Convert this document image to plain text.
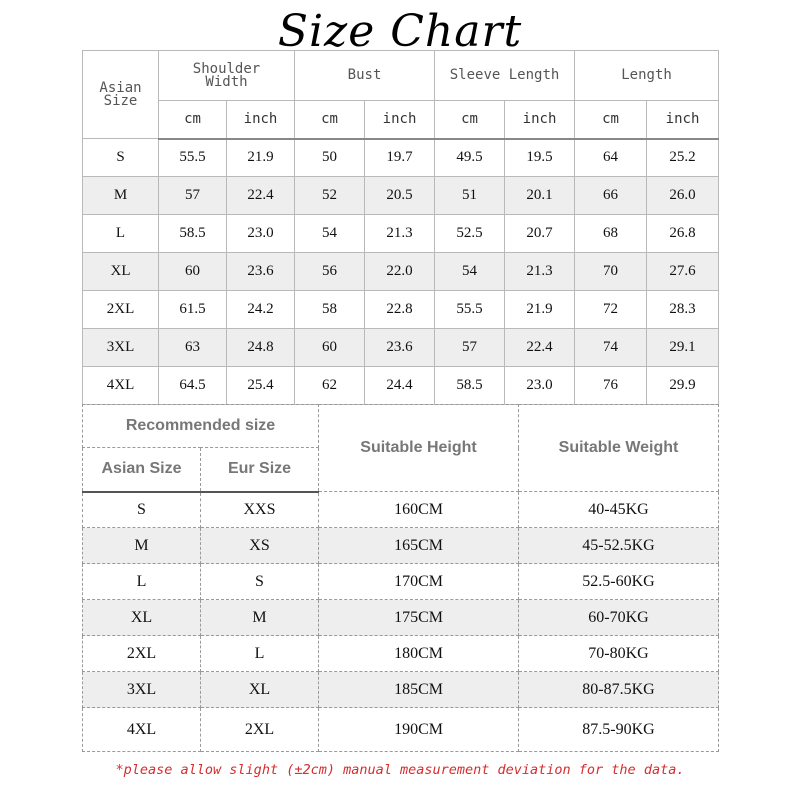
Size Chart
Asian Size	Shoulder Width		Bust		Sleeve Length		Length	
	cm	inch	cm	inch	cm	inch	cm	inch
S	55.5	21.9	50	19.7	49.5	19.5	64	25.2
M	57	22.4	52	20.5	51	20.1	66	26.0
L	58.5	23.0	54	21.3	52.5	20.7	68	26.8
XL	60	23.6	56	22.0	54	21.3	70	27.6
2XL	61.5	24.2	58	22.8	55.5	21.9	72	28.3
3XL	63	24.8	60	23.6	57	22.4	74	29.1
4XL	64.5	25.4	62	24.4	58.5	23.0	76	29.9
Recommended size		Suitable Height	Suitable Weight
Asian Size	Eur Size		
S	XXS	160CM	40-45KG
M	XS	165CM	45-52.5KG
L	S	170CM	52.5-60KG
XL	M	175CM	60-70KG
2XL	L	180CM	70-80KG
3XL	XL	185CM	80-87.5KG
4XL	2XL	190CM	87.5-90KG
*please allow slight (±2cm) manual measurement deviation for the data.
